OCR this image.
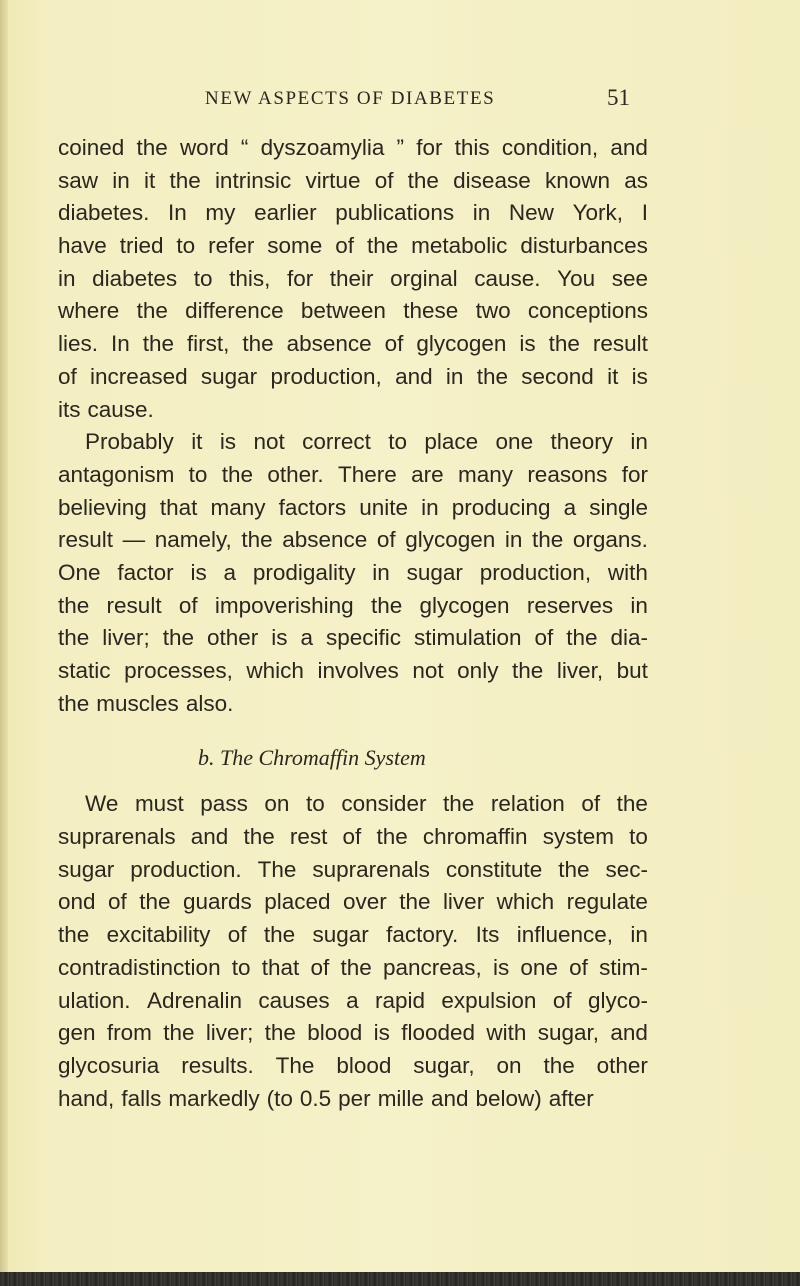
NEW ASPECTS OF DIABETES	51
coined the word “ dyszoamylia ” for this condition, and
saw in it the intrinsic virtue of the disease known as
diabetes. In my earlier publications in New York, I
have tried to refer some of the metabolic disturbances
in diabetes to this, for their orginal cause. You see
where the difference between these two conceptions
lies. In the first, the absence of glycogen is the result
of increased sugar production, and in the second it is
its cause.
Probably it is not correct to place one theory in
antagonism to the other. There are many reasons for
believing that many factors unite in producing a single
result — namely, the absence of glycogen in the organs.
One factor is a prodigality in sugar production, with
the result of impoverishing the glycogen reserves in
the liver; the other is a specific stimulation of the dia-
static processes, which involves not only the liver, but
the muscles also.
b. The Chromaffin System
We must pass on to consider the relation of the
suprarenals and the rest of the chromaffin system to
sugar production. The suprarenals constitute the sec-
ond of the guards placed over the liver which regulate
the excitability of the sugar factory. Its influence, in
contradistinction to that of the pancreas, is one of stim-
ulation. Adrenalin causes a rapid expulsion of glyco-
gen from the liver; the blood is flooded with sugar, and
glycosuria results. The blood sugar, on the other
hand, falls markedly (to 0.5 per mille and below) after
